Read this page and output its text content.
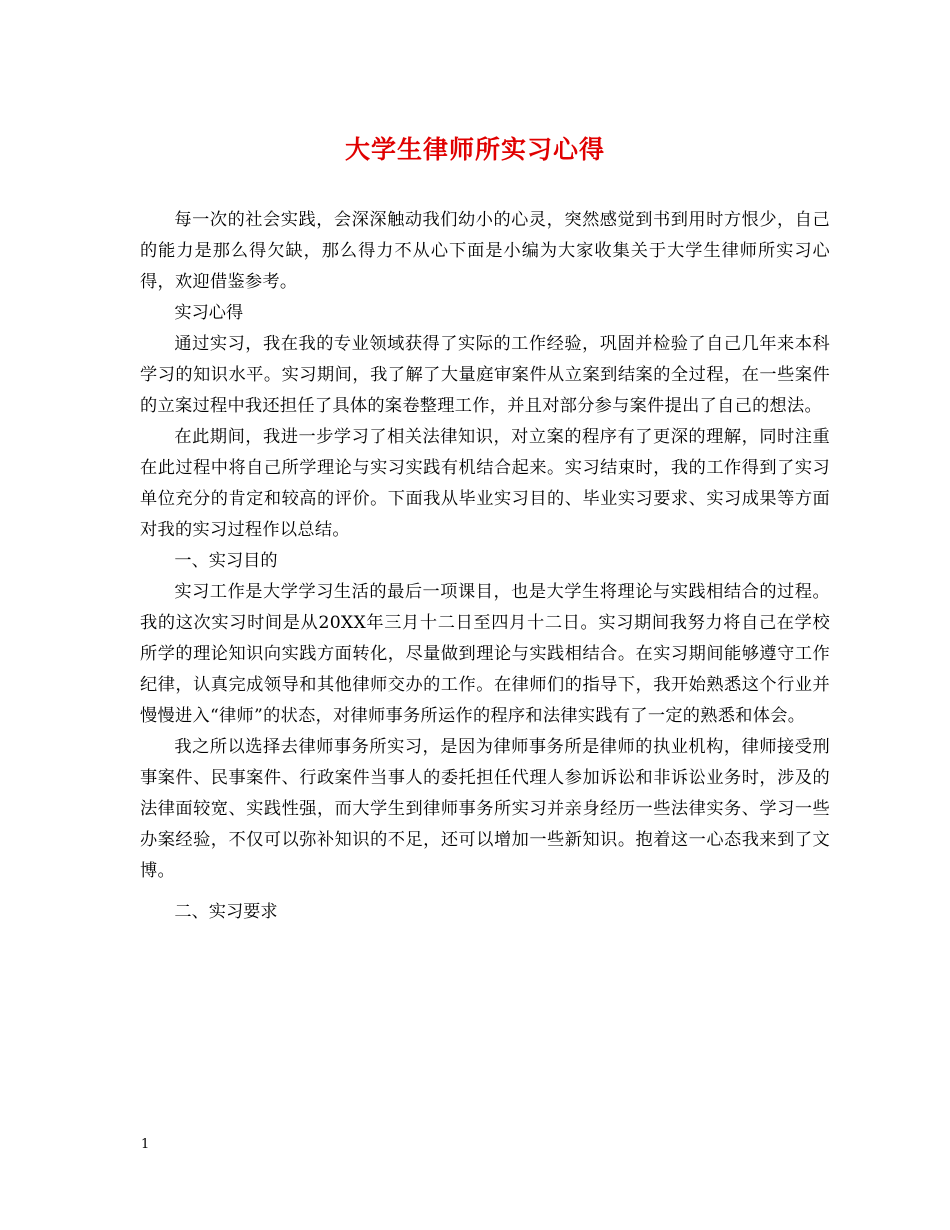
大学生律师所实习心得

每一次的社会实践，会深深触动我们幼小的心灵，突然感觉到书到用时方恨少，自己的能力是那么得欠缺，那么得力不从心下面是小编为大家收集关于大学生律师所实习心得，欢迎借鉴参考。

实习心得

通过实习，我在我的专业领域获得了实际的工作经验，巩固并检验了自己几年来本科学习的知识水平。实习期间，我了解了大量庭审案件从立案到结案的全过程，在一些案件的立案过程中我还担任了具体的案卷整理工作，并且对部分参与案件提出了自己的想法。

在此期间，我进一步学习了相关法律知识，对立案的程序有了更深的理解，同时注重在此过程中将自己所学理论与实习实践有机结合起来。实习结束时，我的工作得到了实习单位充分的肯定和较高的评价。下面我从毕业实习目的、毕业实习要求、实习成果等方面对我的实习过程作以总结。

一、实习目的

实习工作是大学学习生活的最后一项课目，也是大学生将理论与实践相结合的过程。我的这次实习时间是从20XX年三月十二日至四月十二日。实习期间我努力将自己在学校所学的理论知识向实践方面转化，尽量做到理论与实践相结合。在实习期间能够遵守工作纪律，认真完成领导和其他律师交办的工作。在律师们的指导下，我开始熟悉这个行业并慢慢进入“律师”的状态，对律师事务所运作的程序和法律实践有了一定的熟悉和体会。

我之所以选择去律师事务所实习，是因为律师事务所是律师的执业机构，律师接受刑事案件、民事案件、行政案件当事人的委托担任代理人参加诉讼和非诉讼业务时，涉及的法律面较宽、实践性强，而大学生到律师事务所实习并亲身经历一些法律实务、学习一些办案经验，不仅可以弥补知识的不足，还可以增加一些新知识。抱着这一心态我来到了文博。

二、实习要求

1
